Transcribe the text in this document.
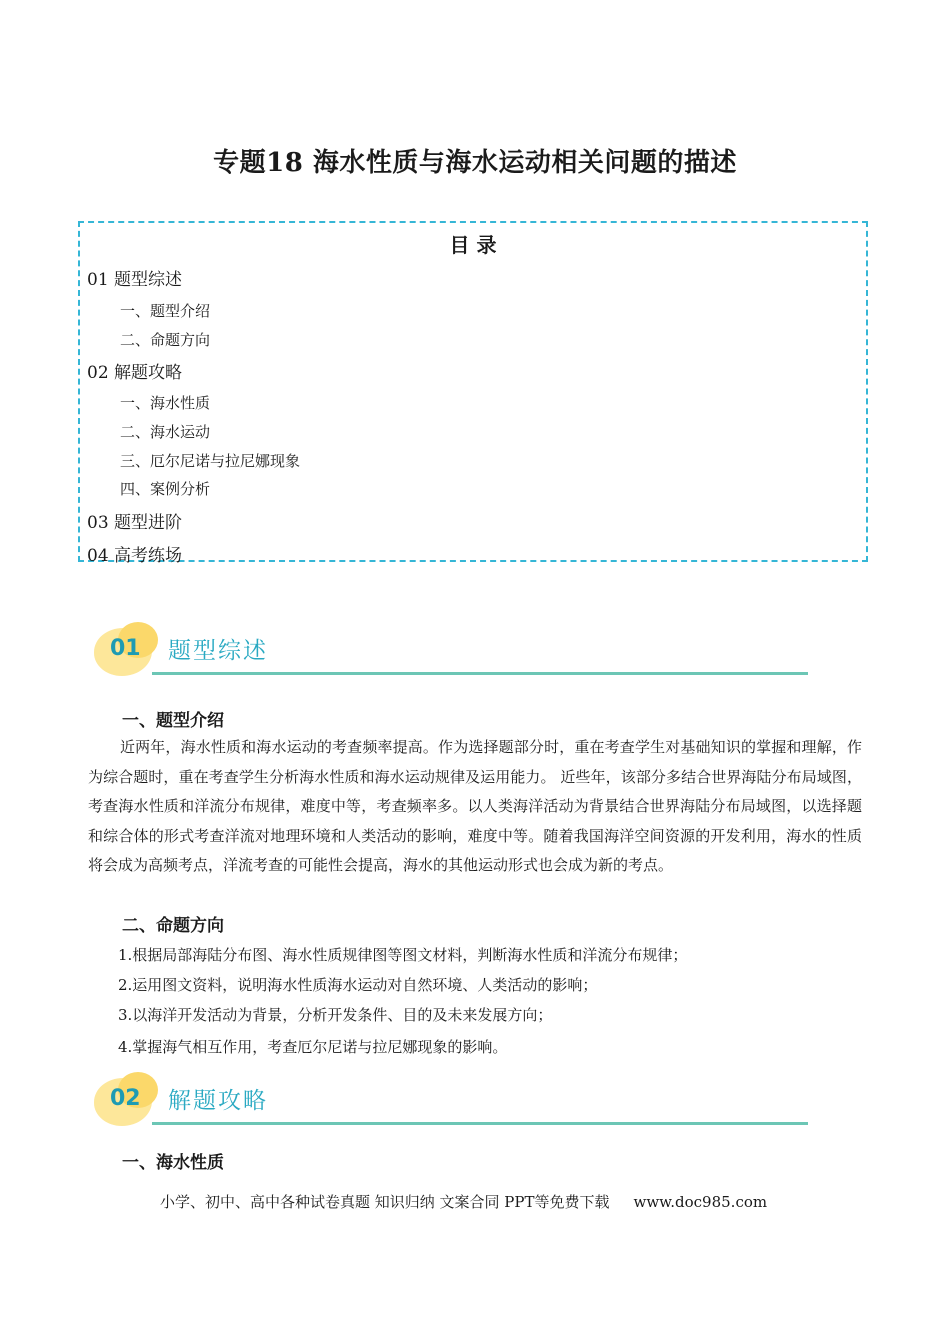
专题18 海水性质与海水运动相关问题的描述
目 录
01 题型综述
一、题型介绍
二、命题方向
02 解题攻略
一、海水性质
二、海水运动
三、厄尔尼诺与拉尼娜现象
四、案例分析
03 题型进阶
04 高考练场
01 题型综述
一、题型介绍
近两年，海水性质和海水运动的考查频率提高。作为选择题部分时，重在考查学生对基础知识的掌握和理解，作为综合题时，重在考查学生分析海水性质和海水运动规律及运用能力。 近些年，该部分多结合世界海陆分布局域图，考查海水性质和洋流分布规律，难度中等，考查频率多。以人类海洋活动为背景结合世界海陆分布局域图，以选择题和综合体的形式考查洋流对地理环境和人类活动的影响，难度中等。随着我国海洋空间资源的开发利用，海水的性质将会成为高频考点，洋流考查的可能性会提高，海水的其他运动形式也会成为新的考点。
二、命题方向
1.根据局部海陆分布图、海水性质规律图等图文材料，判断海水性质和洋流分布规律；
2.运用图文资料，说明海水性质海水运动对自然环境、人类活动的影响；
3.以海洋开发活动为背景，分析开发条件、目的及未来发展方向；
4.掌握海气相互作用，考查厄尔尼诺与拉尼娜现象的影响。
02 解题攻略
一、海水性质
小学、初中、高中各种试卷真题 知识归纳 文案合同 PPT等免费下载 www.doc985.com
